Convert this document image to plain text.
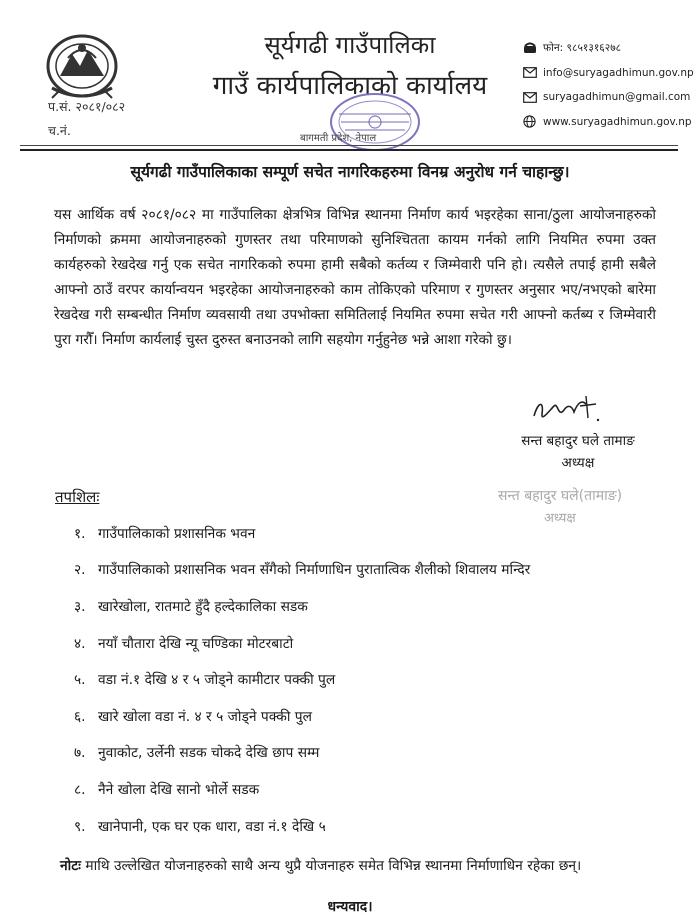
सूर्यगढी गाउँपालिका
गाउँ कार्यपालिकाको कार्यालय
प.सं. २०८१/०८२
च.नं.
बागमती प्रदेश, नेपाल
फोन: ९८५१३१६२७८
info@suryagadhimun.gov.np
suryagadhimun@gmail.com
www.suryagadhimun.gov.np
सूर्यगढी गाउँपालिकाका सम्पूर्ण सचेत नागरिकहरुमा विनम्र अनुरोध गर्न चाहान्छु।
यस आर्थिक वर्ष २०८१/०८२ मा गाउँपालिका क्षेत्रभित्र विभिन्न स्थानमा निर्माण कार्य भइरहेका साना/ठुला आयोजनाहरुको निर्माणको क्रममा आयोजनाहरुको गुणस्तर तथा परिमाणको सुनिश्चितता कायम गर्नको लागि नियमित रुपमा उक्त कार्यहरुको रेखदेख गर्नु एक सचेत नागरिकको रुपमा हामी सबैको कर्तव्य र जिम्मेवारी पनि हो। त्यसैले तपाई हामी सबैले आफ्नो ठाउँ वरपर कार्यान्वयन भइरहेका आयोजनाहरुको काम तोकिएको परिमाण र गुणस्तर अनुसार भए/नभएको बारेमा रेखदेख गरी सम्बन्धीत निर्माण व्यवसायी तथा उपभोक्ता समितिलाई नियमित रुपमा सचेत गरी आफ्नो कर्तब्य र जिम्मेवारी पुरा गरौँ। निर्माण कार्यलाई चुस्त दुरुस्त बनाउनको लागि सहयोग गर्नुहुनेछ भन्ने आशा गरेको छु।
सन्त बहादुर घले तामाङ
अध्यक्ष
सन्त बहादुर घले(तामाङ)
अध्यक्ष
तपशिलः
१. गाउँपालिकाको प्रशासनिक भवन
२. गाउँपालिकाको प्रशासनिक भवन सँगैको निर्माणाधिन पुरातात्विक शैलीको शिवालय मन्दिर
३. खारेखोला, रातमाटे हुँदै हल्देकालिका सडक
४. नयाँ चौतारा देखि न्यू चण्डिका मोटरबाटो
५. वडा नं.१ देखि ४ र ५ जोड्ने कामीटार पक्की पुल
६. खारे खोला वडा नं. ४ र ५ जोड्ने पक्की पुल
७. नुवाकोट, उर्लेनी सडक चोकदे देखि छाप सम्म
८. नैने खोला देखि सानो भोर्ले सडक
९. खानेपानी, एक घर एक धारा, वडा नं.१ देखि ५
नोटः माथि उल्लेखित योजनाहरुको साथै अन्य थुप्रै योजनाहरु समेत विभिन्न स्थानमा निर्माणाधिन रहेका छन्।
धन्यवाद।
